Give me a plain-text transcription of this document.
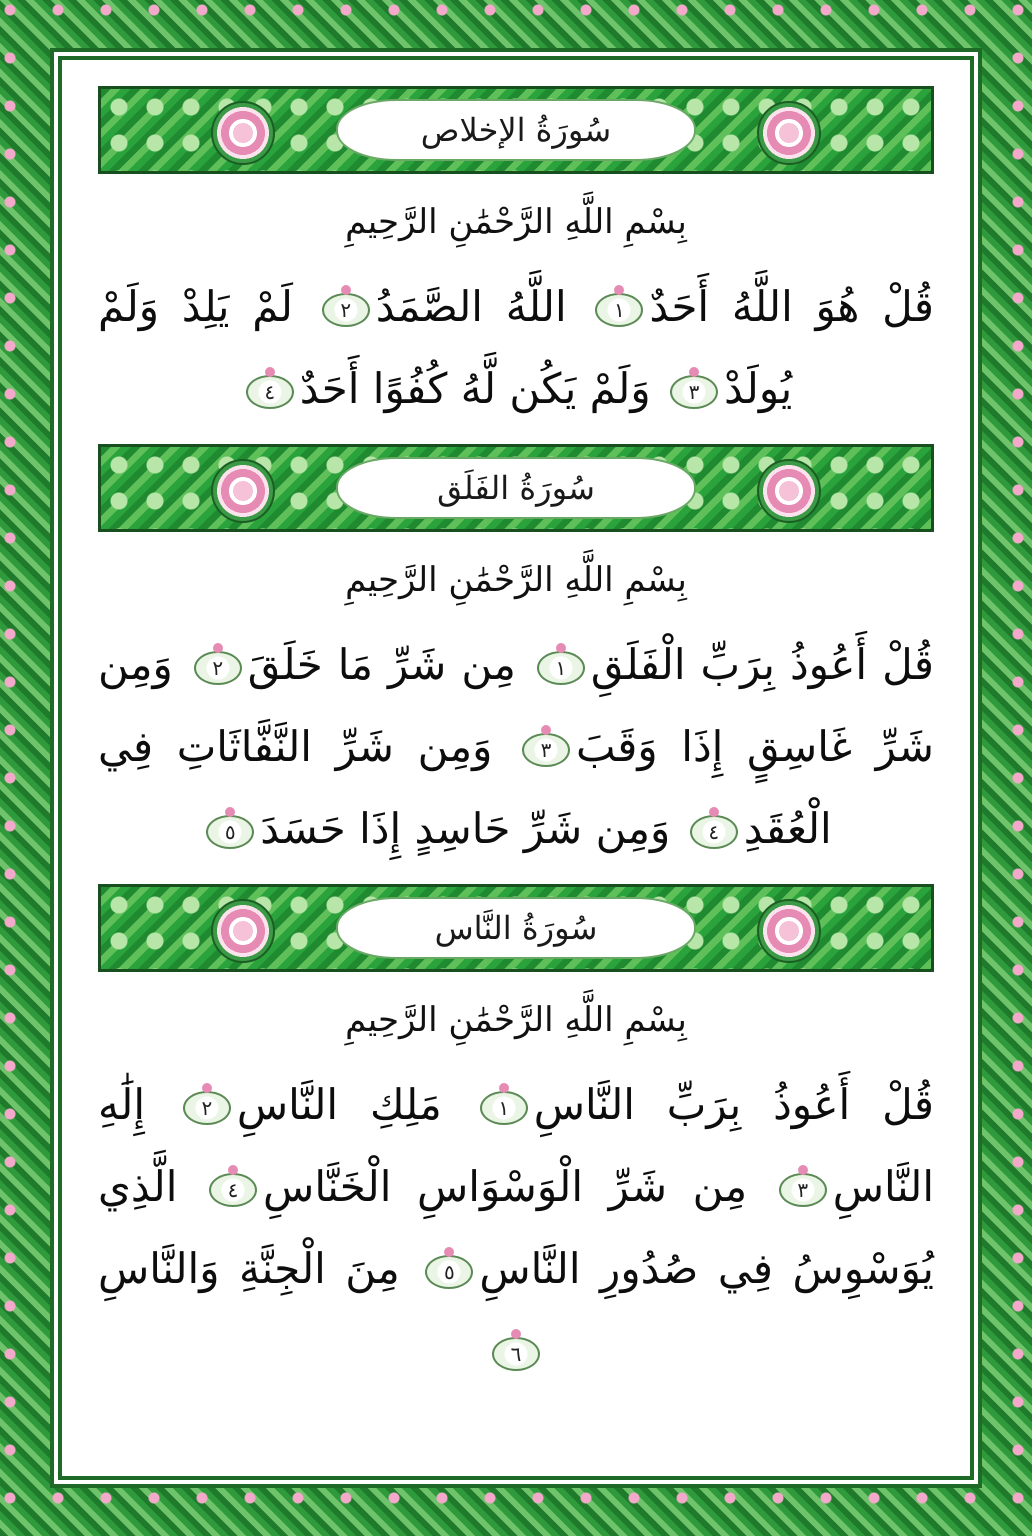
سُورَةُ الإخلاص
بِسْمِ اللَّهِ الرَّحْمَٰنِ الرَّحِيمِ
قُلْ هُوَ اللَّهُ أَحَدٌ١ اللَّهُ الصَّمَدُ٢ لَمْ يَلِدْ وَلَمْ يُولَدْ٣ وَلَمْ يَكُن لَّهُ كُفُوًا أَحَدٌ٤
سُورَةُ الفَلَق
بِسْمِ اللَّهِ الرَّحْمَٰنِ الرَّحِيمِ
قُلْ أَعُوذُ بِرَبِّ الْفَلَقِ١ مِن شَرِّ مَا خَلَقَ٢ وَمِن شَرِّ غَاسِقٍ إِذَا وَقَبَ٣ وَمِن شَرِّ النَّفَّاثَاتِ فِي الْعُقَدِ٤ وَمِن شَرِّ حَاسِدٍ إِذَا حَسَدَ٥
سُورَةُ النَّاس
بِسْمِ اللَّهِ الرَّحْمَٰنِ الرَّحِيمِ
قُلْ أَعُوذُ بِرَبِّ النَّاسِ١ مَلِكِ النَّاسِ٢ إِلَٰهِ النَّاسِ٣ مِن شَرِّ الْوَسْوَاسِ الْخَنَّاسِ٤ الَّذِي يُوَسْوِسُ فِي صُدُورِ النَّاسِ٥ مِنَ الْجِنَّةِ وَالنَّاسِ٦
